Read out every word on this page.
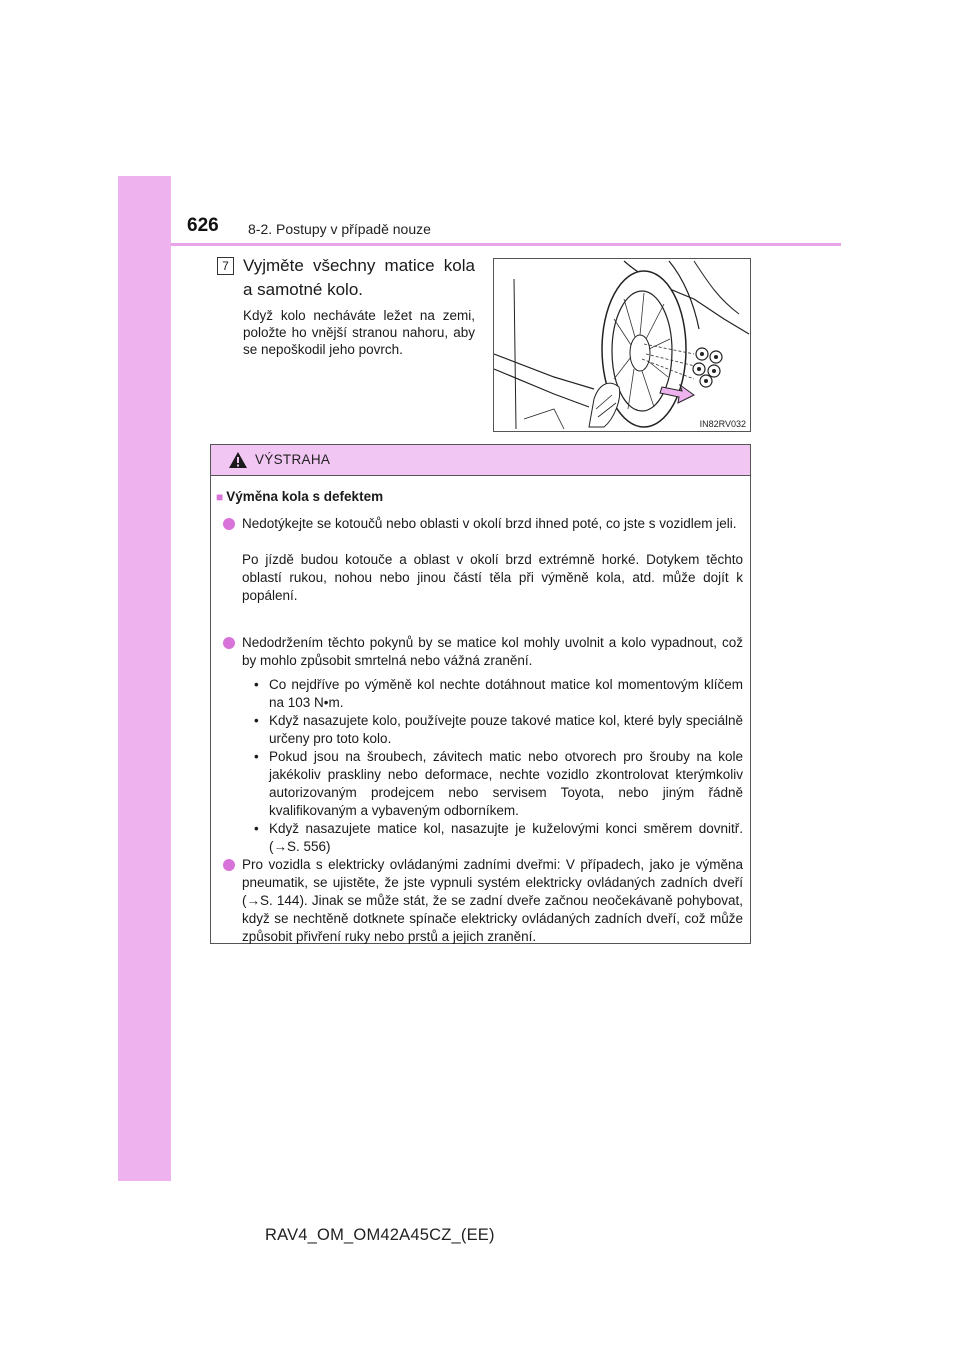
626 8-2. Postupy v případě nouze
7 Vyjměte všechny matice kola a samotné kolo.
Když kolo necháváte ležet na zemi, položte ho vnější stranou nahoru, aby se nepoškodil jeho povrch.
IN82RV032
VÝSTRAHA
■ Výměna kola s defektem
Nedotýkejte se kotoučů nebo oblasti v okolí brzd ihned poté, co jste s vozidlem jeli.
Po jízdě budou kotouče a oblast v okolí brzd extrémně horké. Dotykem těchto oblastí rukou, nohou nebo jinou částí těla při výměně kola, atd. může dojít k popálení.
Nedodržením těchto pokynů by se matice kol mohly uvolnit a kolo vypadnout, což by mohlo způsobit smrtelná nebo vážná zranění.
• Co nejdříve po výměně kol nechte dotáhnout matice kol momentovým klíčem na 103 N•m.
• Když nasazujete kolo, používejte pouze takové matice kol, které byly speciálně určeny pro toto kolo.
• Pokud jsou na šroubech, závitech matic nebo otvorech pro šrouby na kole jakékoliv praskliny nebo deformace, nechte vozidlo zkontrolovat kterýmkoliv autorizovaným prodejcem nebo servisem Toyota, nebo jiným řádně kvalifikovaným a vybaveným odborníkem.
• Když nasazujete matice kol, nasazujte je kuželovými konci směrem dovnitř. (→S. 556)
Pro vozidla s elektricky ovládanými zadními dveřmi: V případech, jako je výměna pneumatik, se ujistěte, že jste vypnuli systém elektricky ovládaných zadních dveří (→S. 144). Jinak se může stát, že se zadní dveře začnou neočekávaně pohybovat, když se nechtěně dotknete spínače elektricky ovládaných zadních dveří, což může způsobit přivření ruky nebo prstů a jejich zranění.
RAV4_OM_OM42A45CZ_(EE)
